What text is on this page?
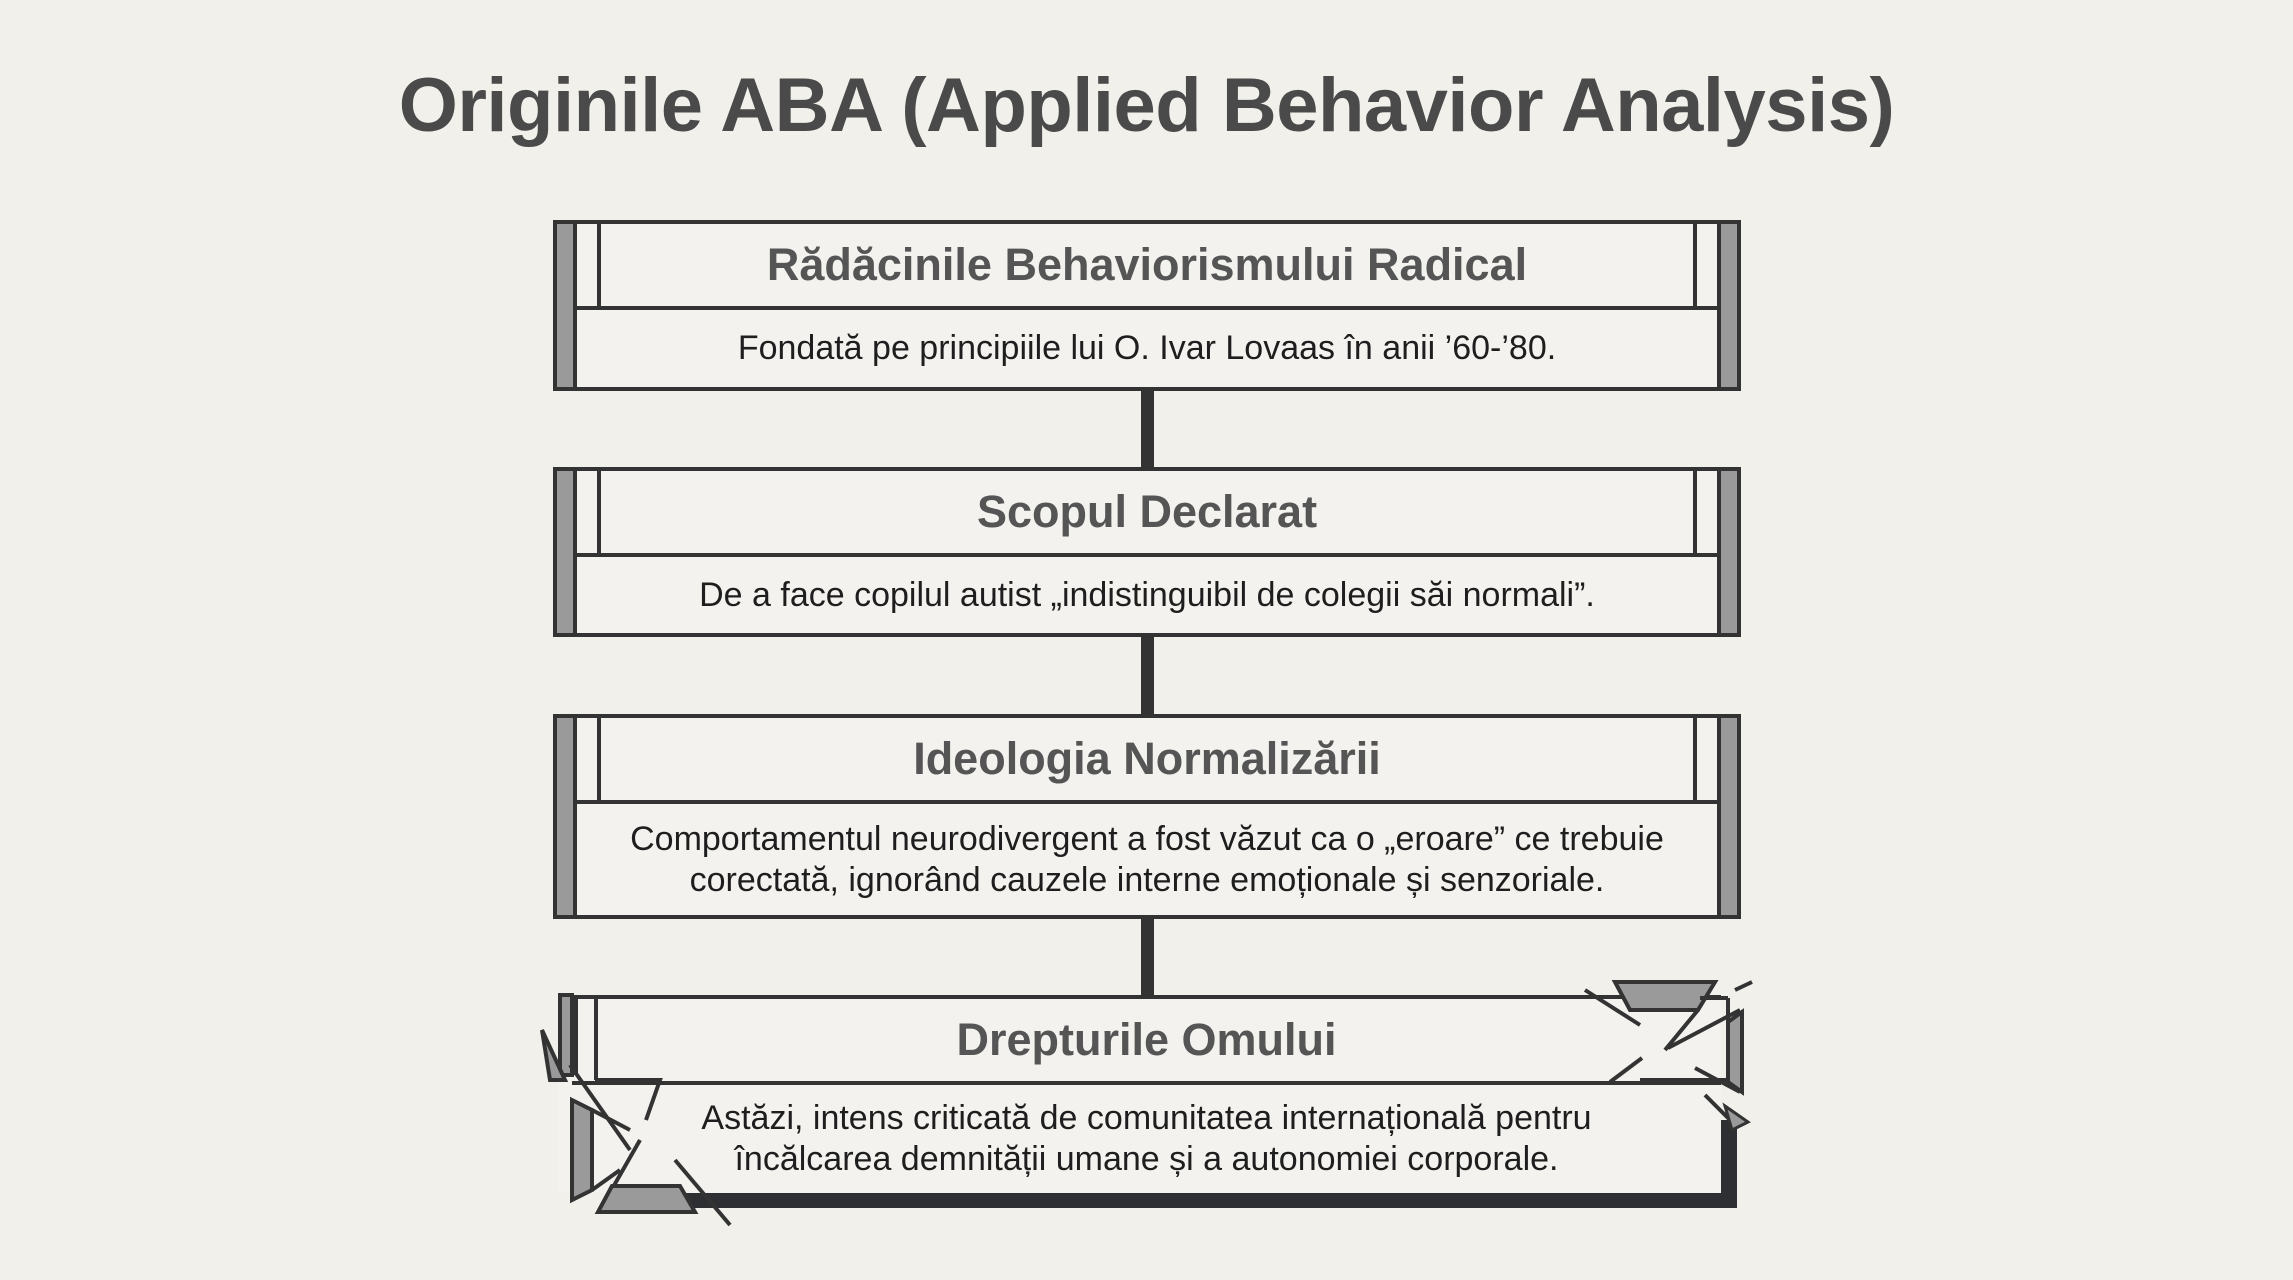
Originile ABA (Applied Behavior Analysis)
Rădăcinile Behaviorismului Radical
Fondată pe principiile lui O. Ivar Lovaas în anii ’60-’80.
Scopul Declarat
De a face copilul autist „indistinguibil de colegii săi normali”.
Ideologia Normalizării
Comportamentul neurodivergent a fost văzut ca o „eroare” ce trebuie
corectată, ignorând cauzele interne emoționale și senzoriale.
Drepturile Omului
Astăzi, intens criticată de comunitatea internațională pentru
încălcarea demnității umane și a autonomiei corporale.
